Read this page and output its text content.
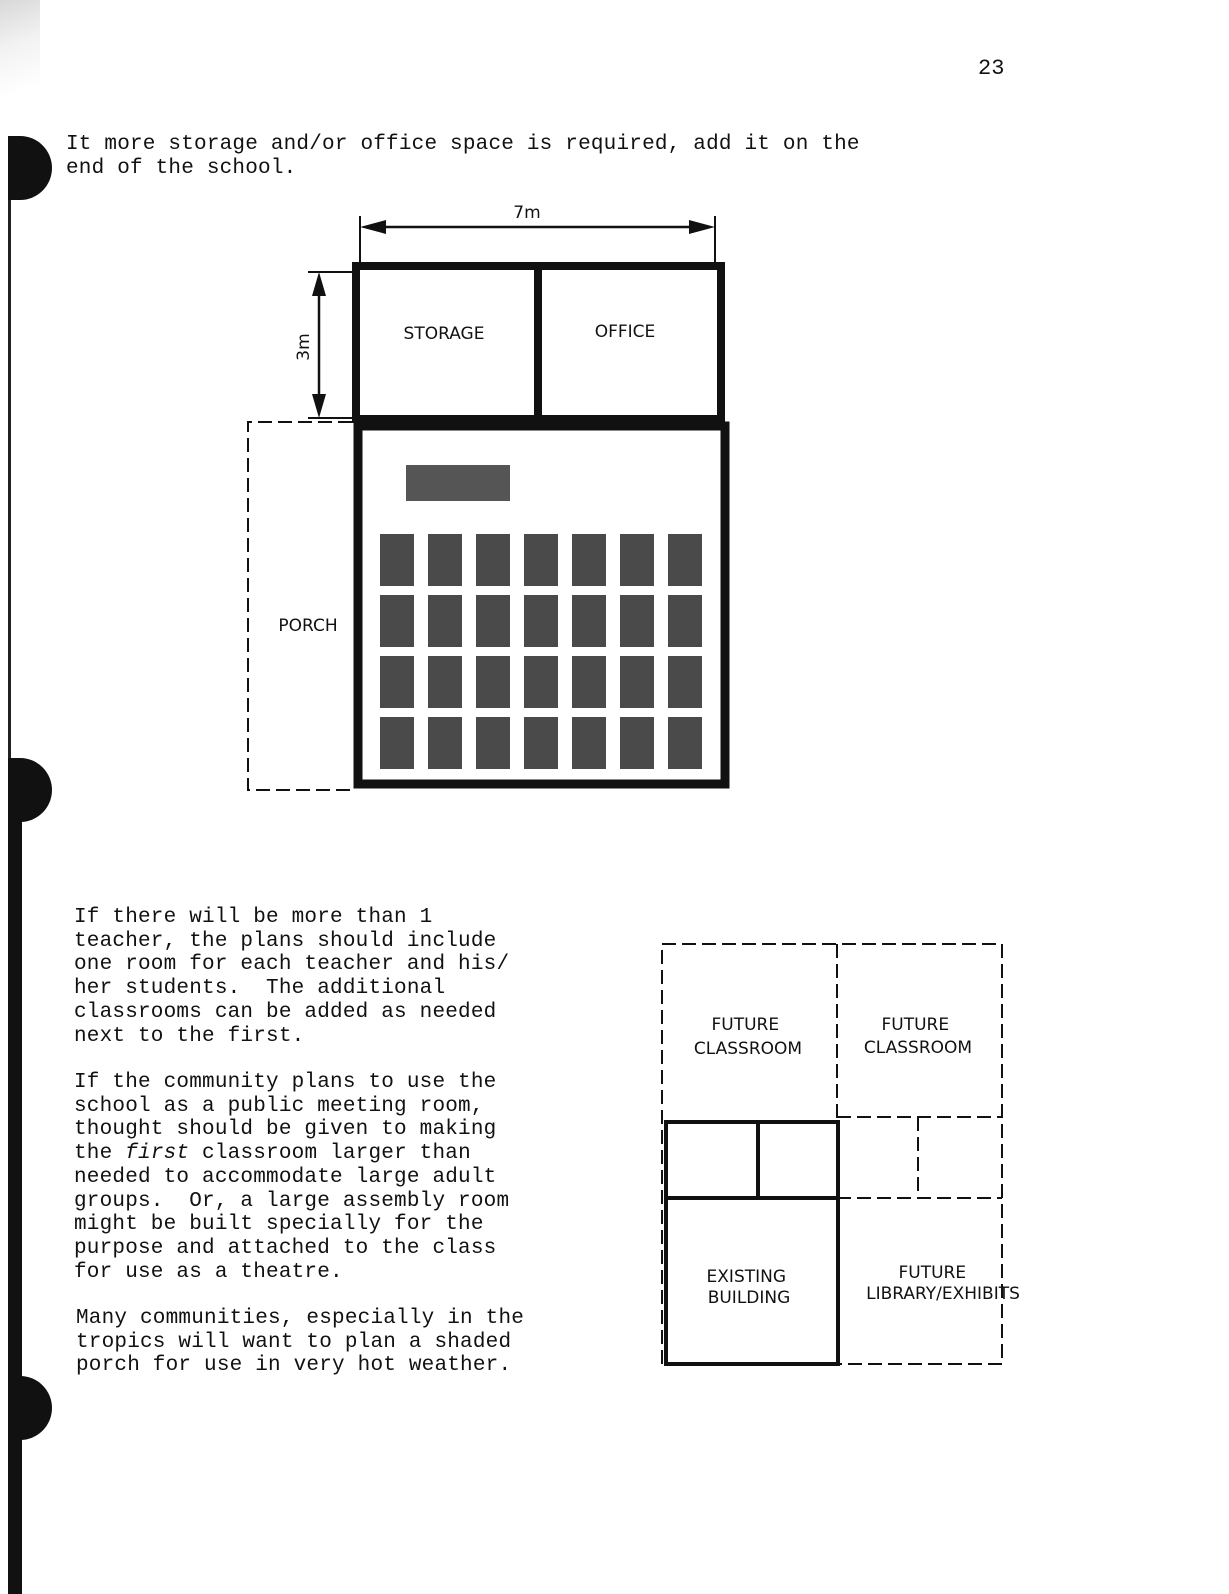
23

It more storage and/or office space is required, add it on the
end of the school.

7m
3m
PORCH
STORAGE	OFFICE

If there will be more than 1
teacher, the plans should include
one room for each teacher and his/
her students.  The additional
classrooms can be added as needed
next to the first.

If the community plans to use the
school as a public meeting room,
thought should be given to making
the first classroom larger than
needed to accommodate large adult
groups.  Or, a large assembly room
might be built specially for the
purpose and attached to the class
for use as a theatre.

Many communities, especially in the
tropics will want to plan a shaded
porch for use in very hot weather.

FUTURE CLASSROOM
FUTURE CLASSROOM
EXISTING BUILDING
FUTURE LIBRARY/EXHIBITS
